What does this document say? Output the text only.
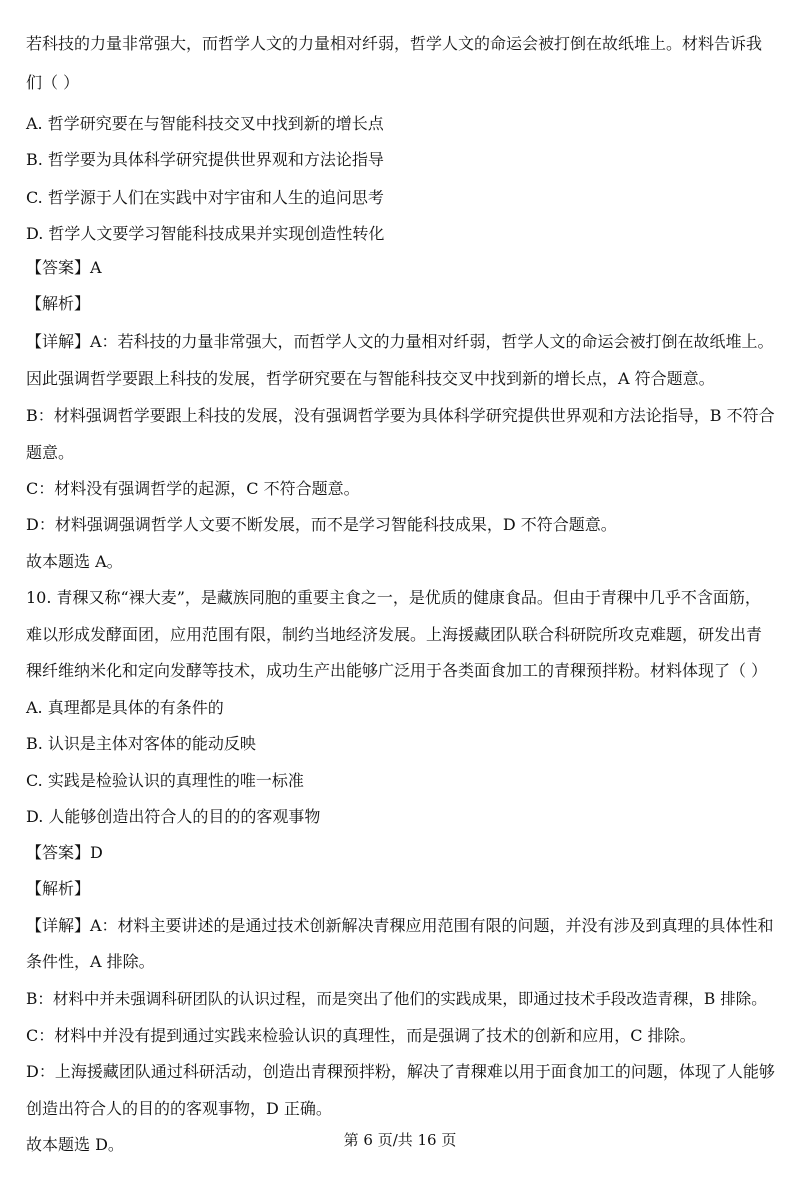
若科技的力量非常强大，而哲学人文的力量相对纤弱，哲学人文的命运会被打倒在故纸堆上。材料告诉我

们（ ）

A. 哲学研究要在与智能科技交叉中找到新的增长点

B. 哲学要为具体科学研究提供世界观和方法论指导

C. 哲学源于人们在实践中对宇宙和人生的追问思考

D. 哲学人文要学习智能科技成果并实现创造性转化

【答案】A

【解析】

【详解】A：若科技的力量非常强大，而哲学人文的力量相对纤弱，哲学人文的命运会被打倒在故纸堆上。

因此强调哲学要跟上科技的发展，哲学研究要在与智能科技交叉中找到新的增长点，A 符合题意。

B：材料强调哲学要跟上科技的发展，没有强调哲学要为具体科学研究提供世界观和方法论指导，B 不符合

题意。

C：材料没有强调哲学的起源，C 不符合题意。

D：材料强调强调哲学人文要不断发展，而不是学习智能科技成果，D 不符合题意。

故本题选 A。

10. 青稞又称“裸大麦”，是藏族同胞的重要主食之一，是优质的健康食品。但由于青稞中几乎不含面筋，

难以形成发酵面团，应用范围有限，制约当地经济发展。上海援藏团队联合科研院所攻克难题，研发出青

稞纤维纳米化和定向发酵等技术，成功生产出能够广泛用于各类面食加工的青稞预拌粉。材料体现了（ ）

A. 真理都是具体的有条件的

B. 认识是主体对客体的能动反映

C. 实践是检验认识的真理性的唯一标准

D. 人能够创造出符合人的目的的客观事物

【答案】D

【解析】

【详解】A：材料主要讲述的是通过技术创新解决青稞应用范围有限的问题，并没有涉及到真理的具体性和

条件性，A 排除。

B：材料中并未强调科研团队的认识过程，而是突出了他们的实践成果，即通过技术手段改造青稞，B 排除。

C：材料中并没有提到通过实践来检验认识的真理性，而是强调了技术的创新和应用，C 排除。

D：上海援藏团队通过科研活动，创造出青稞预拌粉，解决了青稞难以用于面食加工的问题，体现了人能够

创造出符合人的目的的客观事物，D 正确。

故本题选 D。	第 6 页/共 16 页
